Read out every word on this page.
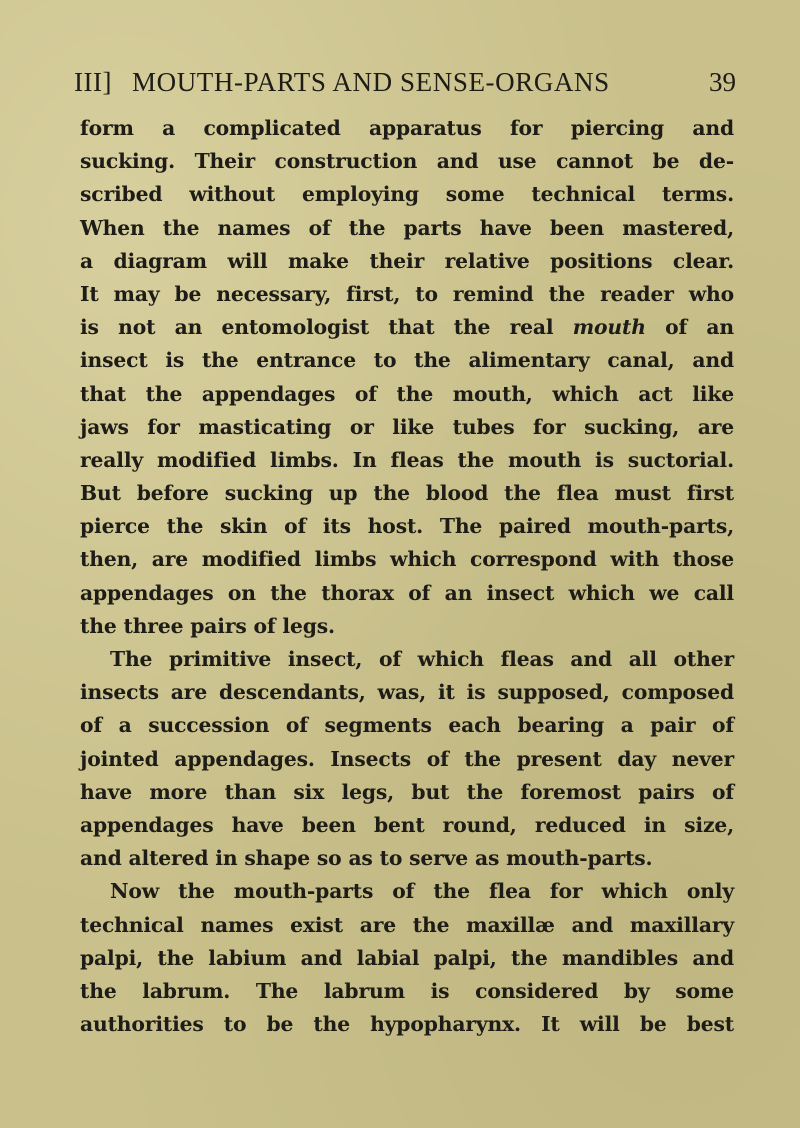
III] MOUTH-PARTS AND SENSE-ORGANS	39
form a complicated apparatus for piercing and
sucking. Their construction and use cannot be de-
scribed without employing some technical terms.
When the names of the parts have been mastered,
a diagram will make their relative positions clear.
It may be necessary, first, to remind the reader who
is not an entomologist that the real mouth of an
insect is the entrance to the alimentary canal, and
that the appendages of the mouth, which act like
jaws for masticating or like tubes for sucking, are
really modified limbs. In fleas the mouth is suctorial.
But before sucking up the blood the flea must first
pierce the skin of its host. The paired mouth-parts,
then, are modified limbs which correspond with those
appendages on the thorax of an insect which we call
the three pairs of legs.
The primitive insect, of which fleas and all other
insects are descendants, was, it is supposed, composed
of a succession of segments each bearing a pair of
jointed appendages. Insects of the present day never
have more than six legs, but the foremost pairs of
appendages have been bent round, reduced in size,
and altered in shape so as to serve as mouth-parts.
Now the mouth-parts of the flea for which only
technical names exist are the maxillæ and maxillary
palpi, the labium and labial palpi, the mandibles and
the labrum. The labrum is considered by some
authorities to be the hypopharynx. It will be best
